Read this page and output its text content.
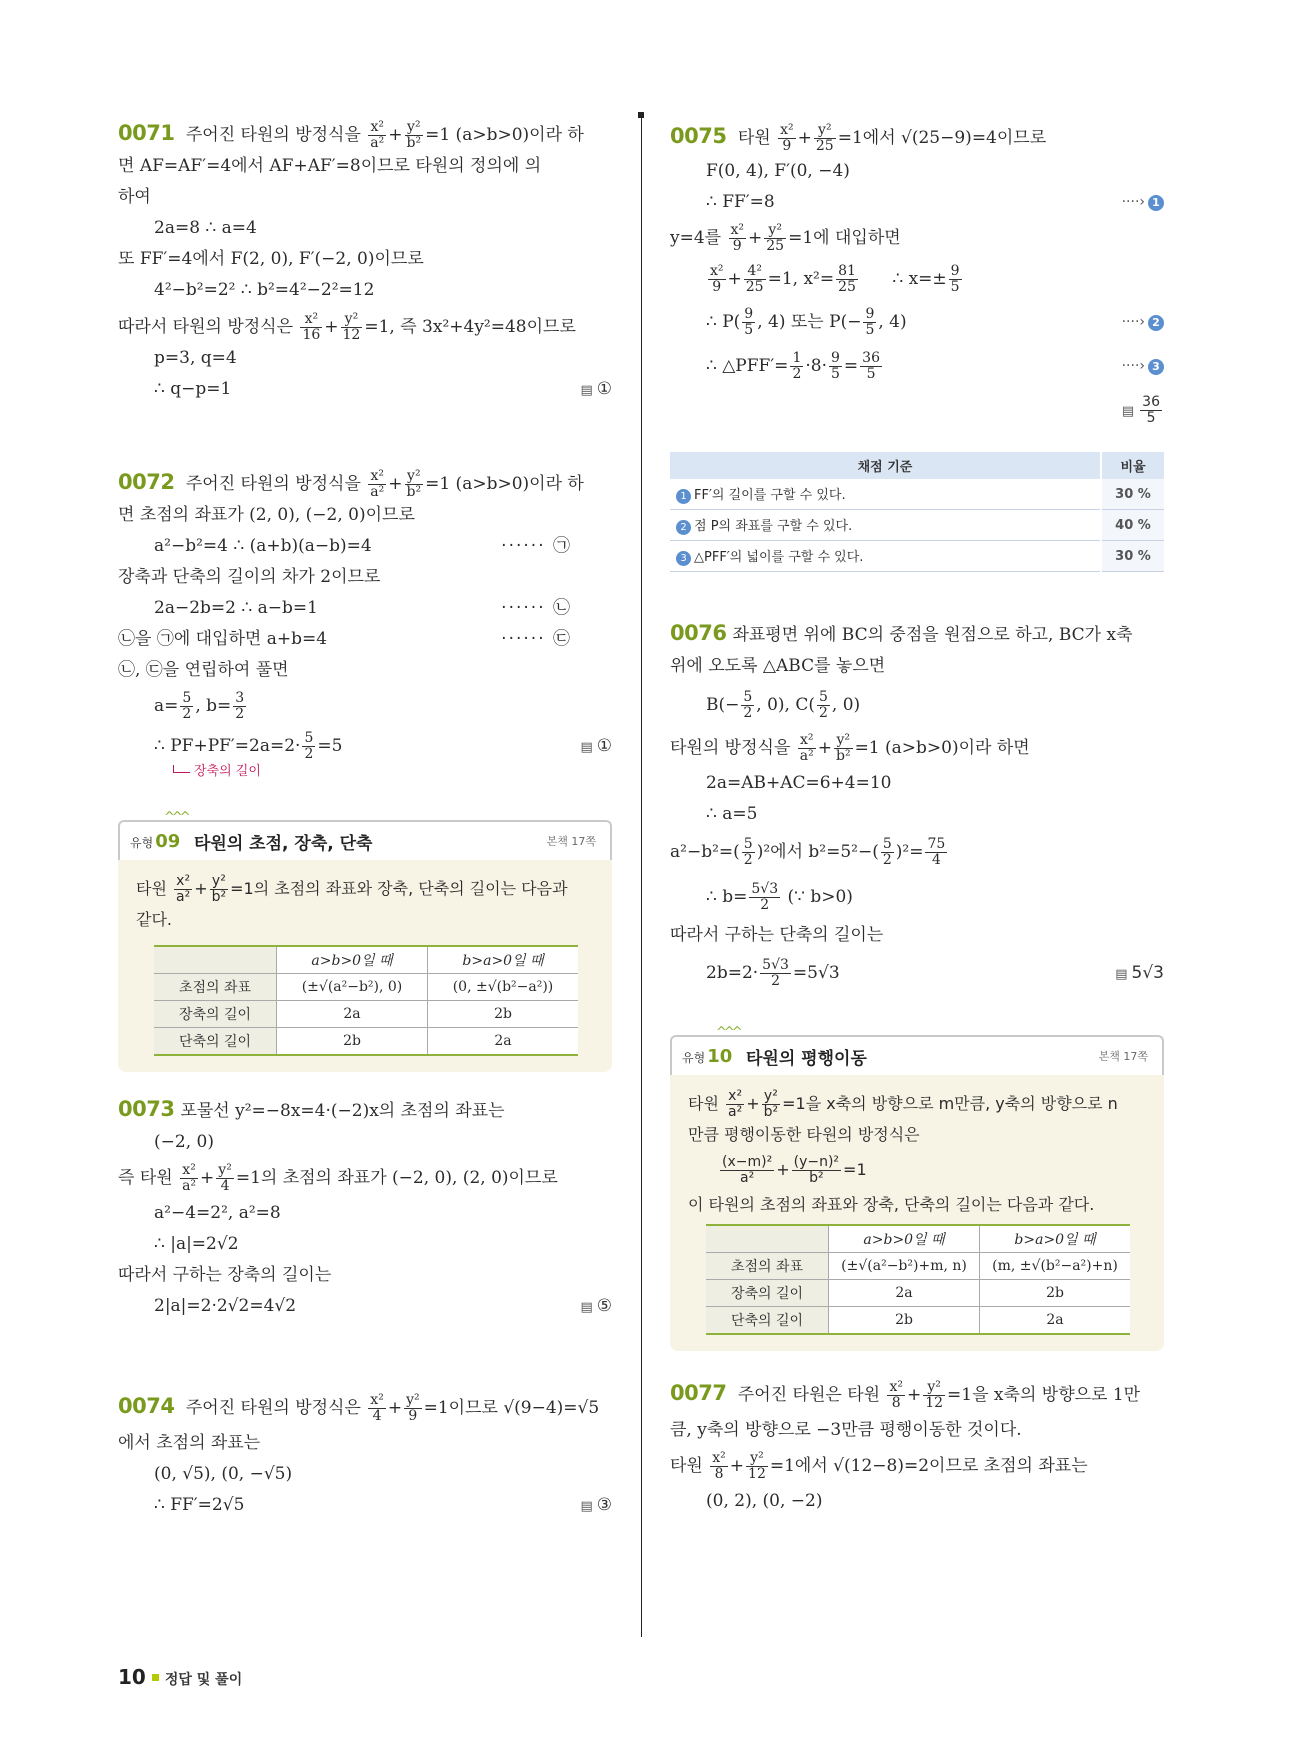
0071 주어진 타원의 방정식을 $\frac{\text{x²}}{\text{a²}} + \frac{\text{y²}}{\text{b²}} =1$ (a>b>0)이라 하
면 AF=AF′=4에서 AF+AF′=8이므로 타원의 정의에 의
하여
2a=8 ∴ a=4
또 FF′=4에서 F(2, 0), F′(−2, 0)이므로
4²−b²=2² ∴ b²=4²−2²=12
따라서 타원의 방정식은 $\frac{\text{x²}}{16} + \frac{\text{y²}}{12} =1$, 즉 3x²+4y²=48이므로
p=3, q=4
∴ q−p=1	▤ ①
0072 주어진 타원의 방정식을 $\frac{\text{x²}}{\text{a²}} + \frac{\text{y²}}{\text{b²}} =1$ (a>b>0)이라 하
면 초점의 좌표가 (2, 0), (−2, 0)이므로
a²−b²=4 ∴ (a+b)(a−b)=4	······ ㉠
장축과 단축의 길이의 차가 2이므로
2a−2b=2 ∴ a−b=1	······ ㉡
㉡을 ㉠에 대입하면 a+b=4	······ ㉢
㉡, ㉢을 연립하여 풀면
$a= \frac{5}{2}$ , $b= \frac{3}{2}$
∴ $PF+PF'=2a=2\cdot \frac{5}{2} =5$
장축의 길이
▤ ①
^^^
유형 09 타원의 초점, 장축, 단축	본책 17쪽
타원 $\frac{\text{x²}}{\text{a²}} + \frac{\text{y²}}{\text{b²}} =1$의 초점의 좌표와 장축, 단축의 길이는 다음과
같다.
	a>b>0일 때	b>a>0일 때
초점의 좌표	(±√(a²−b²), 0)	(0, ±√(b²−a²))
장축의 길이	2a	2b
단축의 길이	2b	2a
0073 포물선 y²=−8x=4·(−2)x의 초점의 좌표는
(−2, 0)
즉 타원 $\frac{\text{x²}}{\text{a²}} + \frac{\text{y²}}{4} =1$의 초점의 좌표가 (−2, 0), (2, 0)이므로
a²−4=2², a²=8
∴ |a|=2√2
따라서 구하는 장축의 길이는
2|a|=2·2√2=4√2	▤ ⑤
0074 주어진 타원의 방정식은 $\frac{\text{x²}}{4} + \frac{\text{y²}}{9} =1$이므로 √(9−4)=√5
에서 초점의 좌표는
(0, √5), (0, −√5)
∴ FF′=2√5	▤ ③
0075 타원 $\frac{\text{x²}}{9} + \frac{\text{y²}}{25} =1$에서 √(25−9)=4이므로
F(0, 4), F′(0, −4)
∴ FF′=8	····› 1
y=4를 $\frac{\text{x²}}{9} + \frac{\text{y²}}{25} =1$에 대입하면
$\frac{\text{x²}}{9} + \frac{\text{4²}}{25} =1$, $x^2= \frac{81}{25}$ ∴ $x=\pm \frac{9}{5}$
∴ $P( \frac{9}{5}$ , 4) 또는 $P(- \frac{9}{5}$ , 4)	····› 2
∴ △PFF′= $\frac{1}{2} \cdot 8\cdot \frac{9}{5} = \frac{36}{5}$	····› 3
▤ $\frac{36}{5}$
채점 기준	비율
1 FF′의 길이를 구할 수 있다.	30 %
2 점 P의 좌표를 구할 수 있다.	40 %
3 △PFF′의 넓이를 구할 수 있다.	30 %
0076 좌표평면 위에 BC의 중점을 원점으로 하고, BC가 x축
위에 오도록 △ABC를 놓으면
$B(- \frac{5}{2}$ , 0), $C( \frac{5}{2}$ , 0)
타원의 방정식을 $\frac{\text{x²}}{\text{a²}} + \frac{\text{y²}}{\text{b²}} =1$ (a>b>0)이라 하면
2a=AB+AC=6+4=10
∴ a=5
$a^2-b^2=( \frac{5}{2} )^2$에서 $b^2=5^2-( \frac{5}{2} )^2= \frac{75}{4}$
∴ $b= \frac{5√3}{2}$ (∵ b>0)
따라서 구하는 단축의 길이는
$2b=2\cdot \frac{5√3}{2} =5√3$	▤ 5√3
^^^
유형 10 타원의 평행이동	본책 17쪽
타원 $\frac{\text{x²}}{\text{a²}} + \frac{\text{y²}}{\text{b²}} =1$을 x축의 방향으로 m만큼, y축의 방향으로 n
만큼 평행이동한 타원의 방정식은
$\frac{\text{(x−m)²}}{\text{a²}} + \frac{\text{(y−n)²}}{\text{b²}} =1$
이 타원의 초점의 좌표와 장축, 단축의 길이는 다음과 같다.
	a>b>0일 때	b>a>0일 때
초점의 좌표	(±√(a²−b²)+m, n)	(m, ±√(b²−a²)+n)
장축의 길이	2a	2b
단축의 길이	2b	2a
0077 주어진 타원은 타원 $\frac{\text{x²}}{8} + \frac{\text{y²}}{12} =1$을 x축의 방향으로 1만
큼, y축의 방향으로 −3만큼 평행이동한 것이다.
타원 $\frac{\text{x²}}{8} + \frac{\text{y²}}{12} =1$에서 √(12−8)=2이므로 초점의 좌표는
(0, 2), (0, −2)
10 정답 및 풀이
